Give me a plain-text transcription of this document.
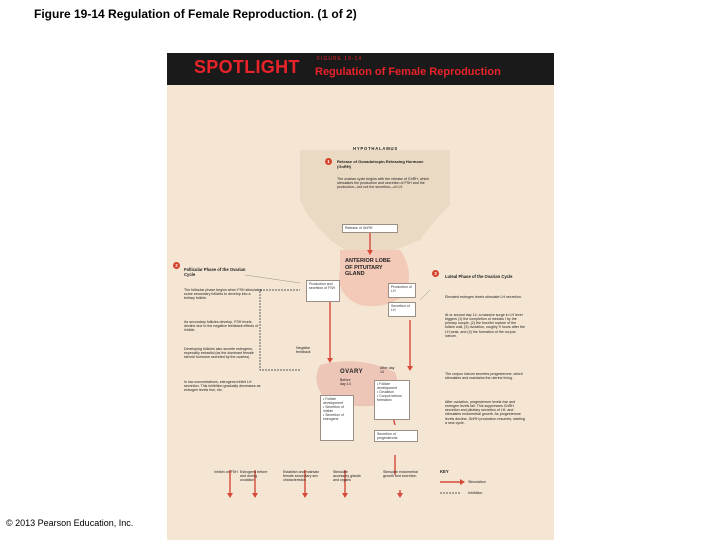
Figure 19-14 Regulation of Female Reproduction. (1 of 2)
SPOTLIGHT	FIGURE 19-14
Regulation of Female Reproduction
HYPOTHALAMUS
1	Release of Gonadotropin-Releasing Hormone (GnRH)
The ovarian cycle begins with the release of GnRH, which stimulates the production and secretion of FSH and the production—but not the secretion—of LH.
Release of GnRH
ANTERIOR LOBE OF PITUITARY GLAND
Production and secretion of FSH	Production of LH
Secretion of LH
2
Follicular Phase of the Ovarian Cycle
The follicular phase begins when FSH stimulates some secondary follicles to develop into a tertiary follicle.
As secondary follicles develop, FSH levels decline due to the negative feedback effects of inhibin.
Developing follicles also secrete estrogens, especially estradiol (as the dominant female steroid hormone secreted by the ovaries).
In low concentrations, estrogens inhibit LH secretion. This inhibition gradually decreases as estrogen levels rise, etc.
Negative feedback
3
Luteal Phase of the Ovarian Cycle
Elevated estrogen levels stimulate LH secretion.
At or around day 14, a massive surge in LH level triggers (1) the completion of meiosis I by the primary oocyte, (2) the forceful rupture of the follicle wall, (3) ovulation, roughly 9 hours after the LH peak, and (4) the formation of the corpus luteum.
The corpus luteum secretes progesterone, which stimulates and maintains the uterine lining.
After ovulation, progesterone levels rise and estrogen levels fall. This suppresses GnRH secretion and pituitary secretion of LH, and stimulates endometrial growth. As progesterone levels decline, GnRH production resumes, starting a new cycle.
OVARY
Before day 14
After day 14
• Follicle development
• Secretion of inhibin
• Secretion of estrogens
• Follicle development
• Ovulation
• Corpus luteum formation
Secretion of progesterone
Inhibin on FSH Estrogens before and during ovulation
Establish and maintain female secondary sex characteristics
Stimulate accessory glands and organs
Stimulate endometrial growth and secretion
KEY
Stimulation
Inhibition
© 2013 Pearson Education, Inc.
